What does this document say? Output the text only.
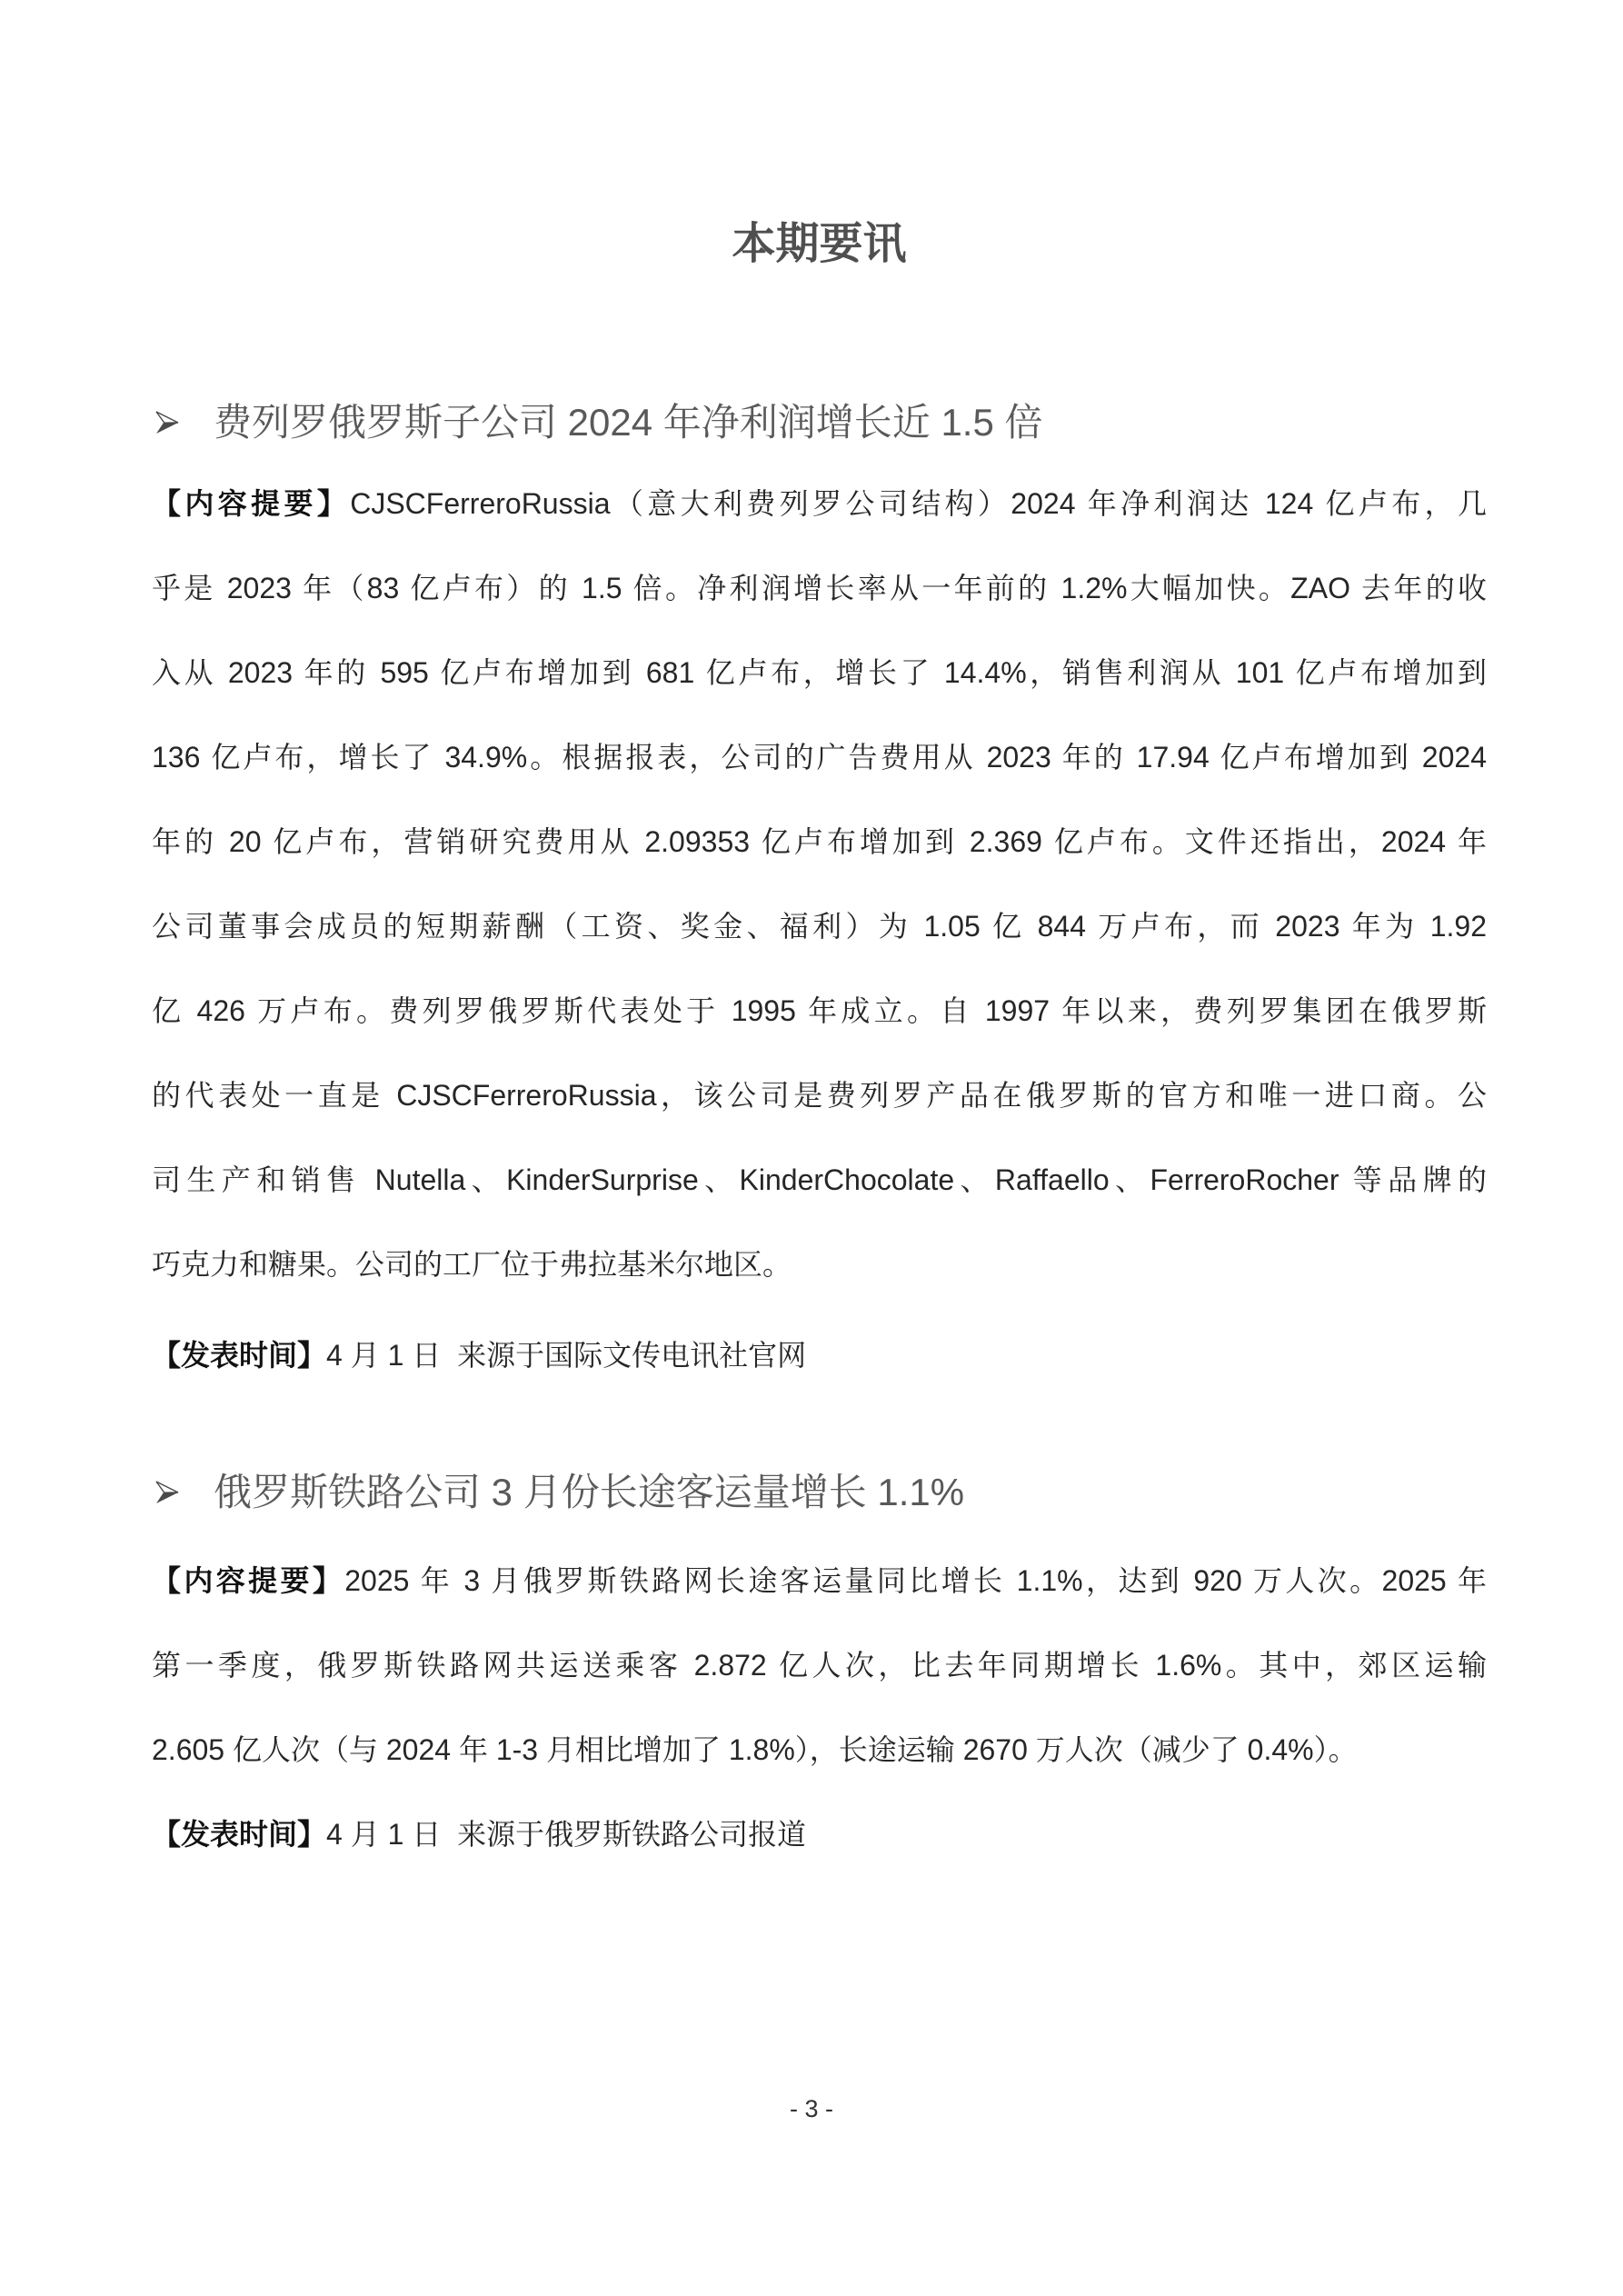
本期要讯
费列罗俄罗斯子公司 2024 年净利润增长近 1.5 倍
【内容提要】CJSCFerreroRussia（意大利费列罗公司结构）2024 年净利润达 124 亿卢布，几
乎是 2023 年（83 亿卢布）的 1.5 倍。净利润增长率从一年前的 1.2%大幅加快。ZAO 去年的收
入从 2023 年的 595 亿卢布增加到 681 亿卢布，增长了 14.4%，销售利润从 101 亿卢布增加到
136 亿卢布，增长了 34.9%。根据报表，公司的广告费用从 2023 年的 17.94 亿卢布增加到 2024
年的 20 亿卢布，营销研究费用从 2.09353 亿卢布增加到 2.369 亿卢布。文件还指出，2024 年
公司董事会成员的短期薪酬（工资、奖金、福利）为 1.05 亿 844 万卢布，而 2023 年为 1.92
亿 426 万卢布。费列罗俄罗斯代表处于 1995 年成立。自 1997 年以来，费列罗集团在俄罗斯
的代表处一直是 CJSCFerreroRussia，该公司是费列罗产品在俄罗斯的官方和唯一进口商。公
司生产和销售 Nutella、KinderSurprise、KinderChocolate、Raffaello、FerreroRocher 等品牌的
巧克力和糖果。公司的工厂位于弗拉基米尔地区。
【发表时间】4 月 1 日  来源于国际文传电讯社官网
俄罗斯铁路公司 3 月份长途客运量增长 1.1%
【内容提要】2025 年 3 月俄罗斯铁路网长途客运量同比增长 1.1%，达到 920 万人次。2025 年
第一季度，俄罗斯铁路网共运送乘客 2.872 亿人次，比去年同期增长 1.6%。其中，郊区运输
2.605 亿人次（与 2024 年 1-3 月相比增加了 1.8%），长途运输 2670 万人次（减少了 0.4%）。
【发表时间】4 月 1 日  来源于俄罗斯铁路公司报道
- 3 -
